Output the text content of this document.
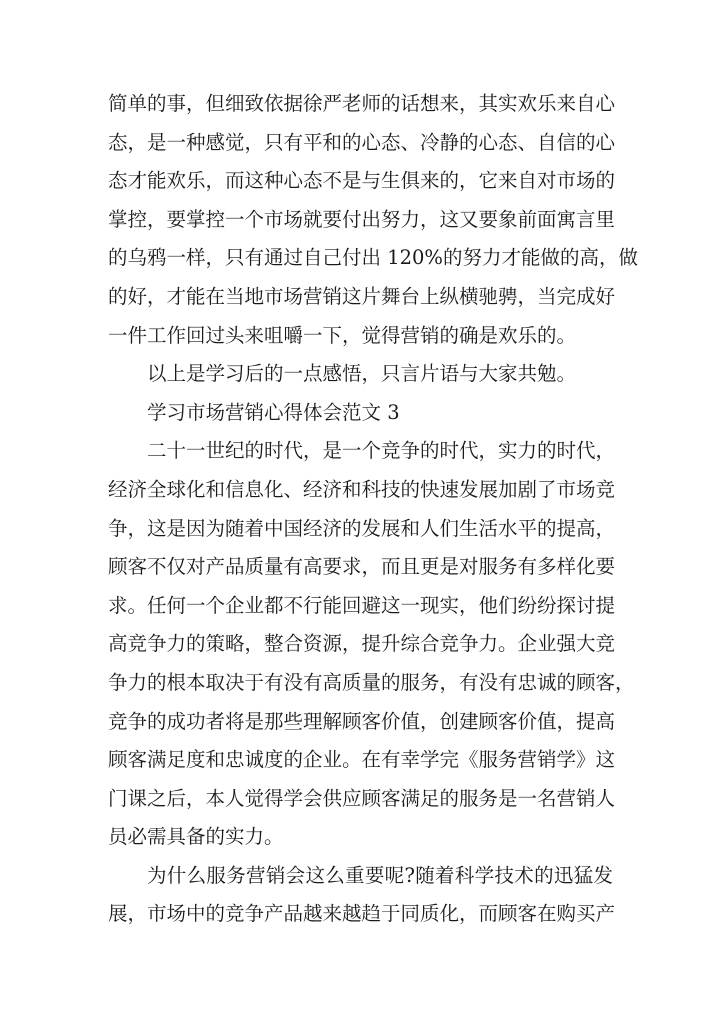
简单的事，但细致依据徐严老师的话想来，其实欢乐来自心
态，是一种感觉，只有平和的心态、冷静的心态、自信的心
态才能欢乐，而这种心态不是与生俱来的，它来自对市场的
掌控，要掌控一个市场就要付出努力，这又要象前面寓言里
的乌鸦一样，只有通过自己付出 120%的努力才能做的高，做
的好，才能在当地市场营销这片舞台上纵横驰骋，当完成好
一件工作回过头来咀嚼一下，觉得营销的确是欢乐的。
以上是学习后的一点感悟，只言片语与大家共勉。
学习市场营销心得体会范文 3
二十一世纪的时代，是一个竞争的时代，实力的时代，
经济全球化和信息化、经济和科技的快速发展加剧了市场竞
争，这是因为随着中国经济的发展和人们生活水平的提高，
顾客不仅对产品质量有高要求，而且更是对服务有多样化要
求。任何一个企业都不行能回避这一现实，他们纷纷探讨提
高竞争力的策略，整合资源，提升综合竞争力。企业强大竞
争力的根本取决于有没有高质量的服务，有没有忠诚的顾客，
竞争的成功者将是那些理解顾客价值，创建顾客价值，提高
顾客满足度和忠诚度的企业。在有幸学完《服务营销学》这
门课之后，本人觉得学会供应顾客满足的服务是一名营销人
员必需具备的实力。
为什么服务营销会这么重要呢?随着科学技术的迅猛发
展，市场中的竞争产品越来越趋于同质化，而顾客在购买产
